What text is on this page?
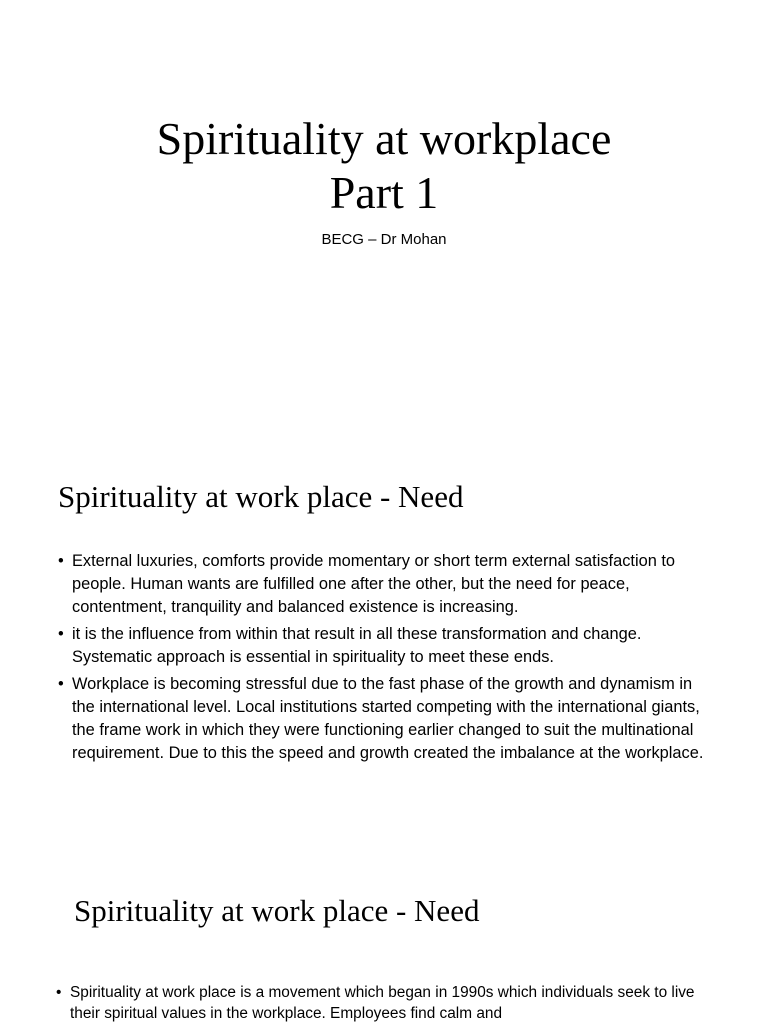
Spirituality at workplace
Part 1

BECG – Dr Mohan

Spirituality at work place - Need
• External luxuries, comforts provide momentary or short term external satisfaction to people. Human wants are fulfilled one after the other, but the need for peace, contentment, tranquility and balanced existence is increasing.
• it is the influence from within that result in all these transformation and change. Systematic approach is essential in spirituality to meet these ends.
• Workplace is becoming stressful due to the fast phase of the growth and dynamism in the international level. Local institutions started competing with the international giants, the frame work in which they were functioning earlier changed to suit the multinational requirement. Due to this the speed and growth created the imbalance at the workplace.
Spirituality at work place - Need
• Spirituality at work place is a movement which began in 1990s which individuals seek to live their spiritual values in the workplace. Employees find calm and
